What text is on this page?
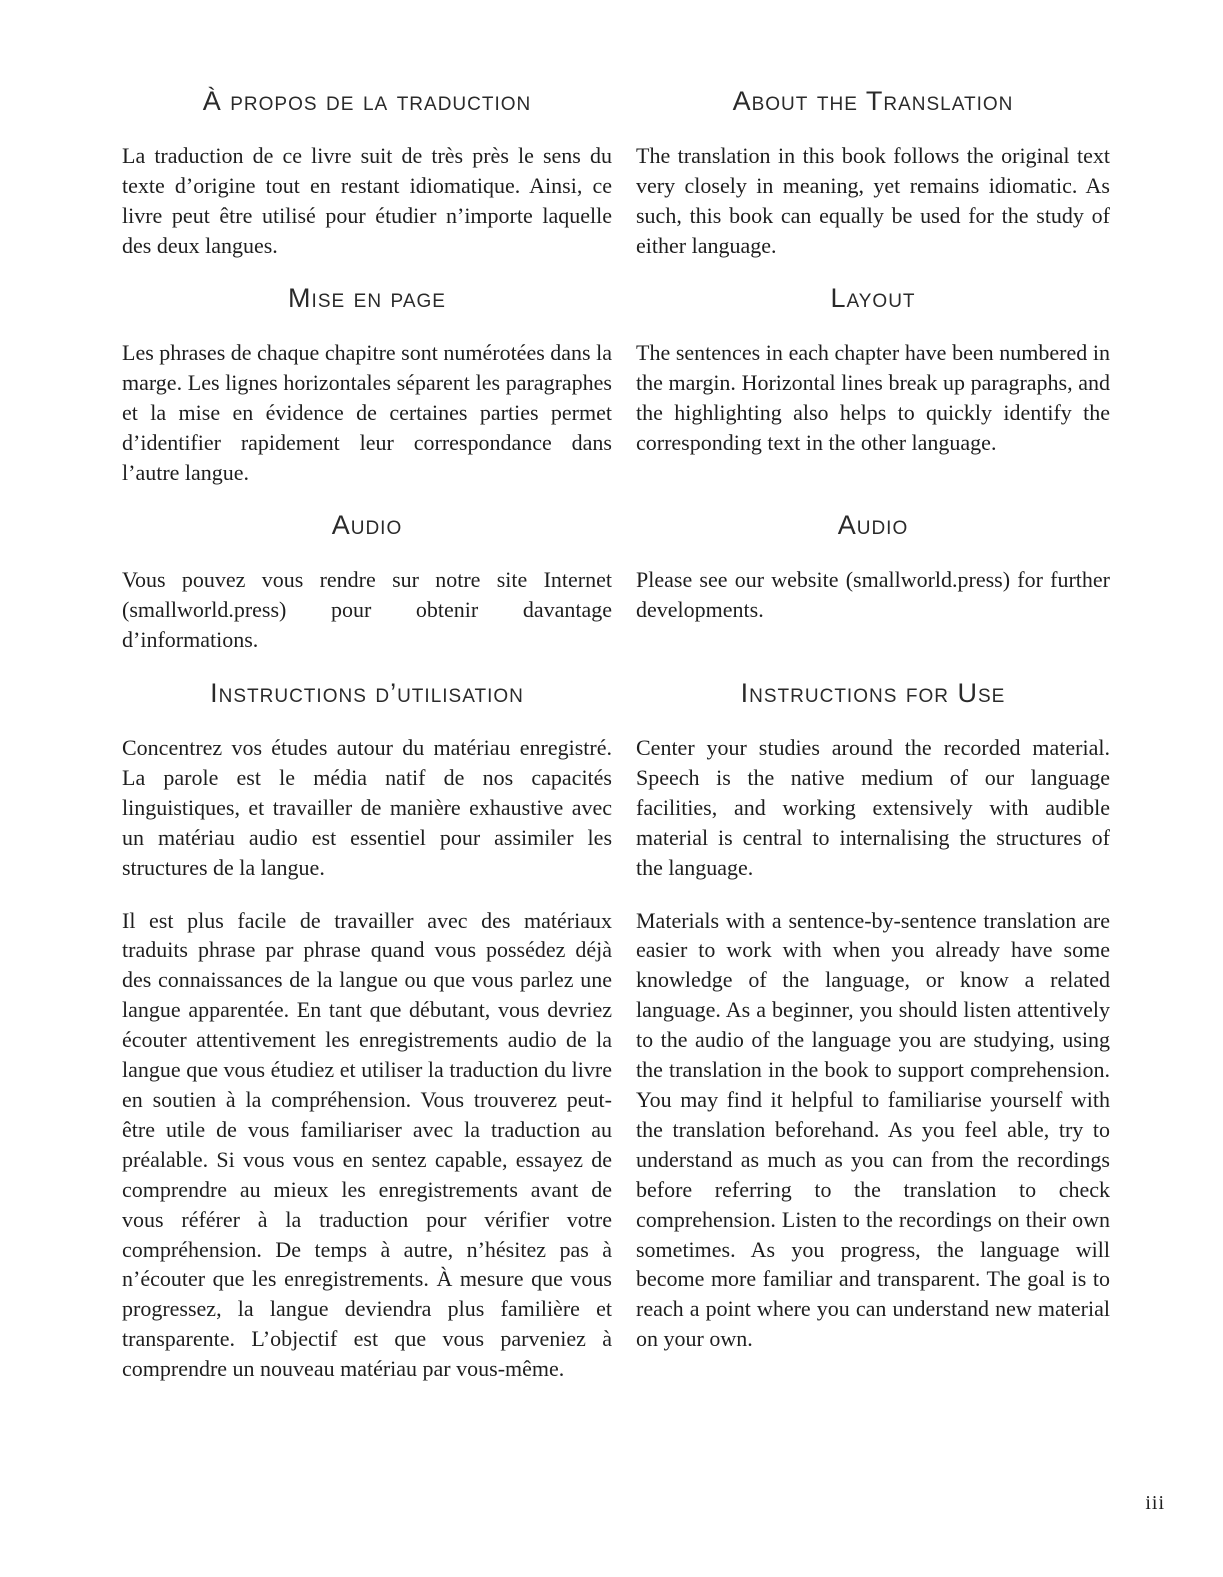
À propos de la traduction

La traduction de ce livre suit de très près le sens du texte d’origine tout en restant idiomatique. Ainsi, ce livre peut être utilisé pour étudier n’importe laquelle des deux langues.

Mise en page

Les phrases de chaque chapitre sont numérotées dans la marge. Les lignes horizontales séparent les paragraphes et la mise en évidence de certaines parties permet d’identifier rapidement leur correspondance dans l’autre langue.

Audio

Vous pouvez vous rendre sur notre site Internet (smallworld.press) pour obtenir davantage d’informations.

Instructions d’utilisation

Concentrez vos études autour du matériau enregistré. La parole est le média natif de nos capacités linguistiques, et travailler de manière exhaustive avec un matériau audio est essentiel pour assimiler les structures de la langue.

Il est plus facile de travailler avec des matériaux traduits phrase par phrase quand vous possédez déjà des connaissances de la langue ou que vous parlez une langue apparentée. En tant que débutant, vous devriez écouter attentivement les enregistrements audio de la langue que vous étudiez et utiliser la traduction du livre en soutien à la compréhension. Vous trouverez peut-être utile de vous familiariser avec la traduction au préalable. Si vous vous en sentez capable, essayez de comprendre au mieux les enregistrements avant de vous référer à la traduction pour vérifier votre compréhension. De temps à autre, n’hésitez pas à n’écouter que les enregistrements. À mesure que vous progressez, la langue deviendra plus familière et transparente. L’objectif est que vous parveniez à comprendre un nouveau matériau par vous-même.

About the Translation

The translation in this book follows the original text very closely in meaning, yet remains idiomatic. As such, this book can equally be used for the study of either language.

Layout

The sentences in each chapter have been numbered in the margin. Horizontal lines break up paragraphs, and the highlighting also helps to quickly identify the corresponding text in the other language.

Audio

Please see our website (smallworld.press) for further developments.

Instructions for Use

Center your studies around the recorded material. Speech is the native medium of our language facilities, and working extensively with audible material is central to internalising the structures of the language.

Materials with a sentence-by-sentence translation are easier to work with when you already have some knowledge of the language, or know a related language. As a beginner, you should listen attentively to the audio of the language you are studying, using the translation in the book to support comprehension. You may find it helpful to familiarise yourself with the translation beforehand. As you feel able, try to understand as much as you can from the recordings before referring to the translation to check comprehension. Listen to the recordings on their own sometimes. As you progress, the language will become more familiar and transparent. The goal is to reach a point where you can understand new material on your own.

iii
